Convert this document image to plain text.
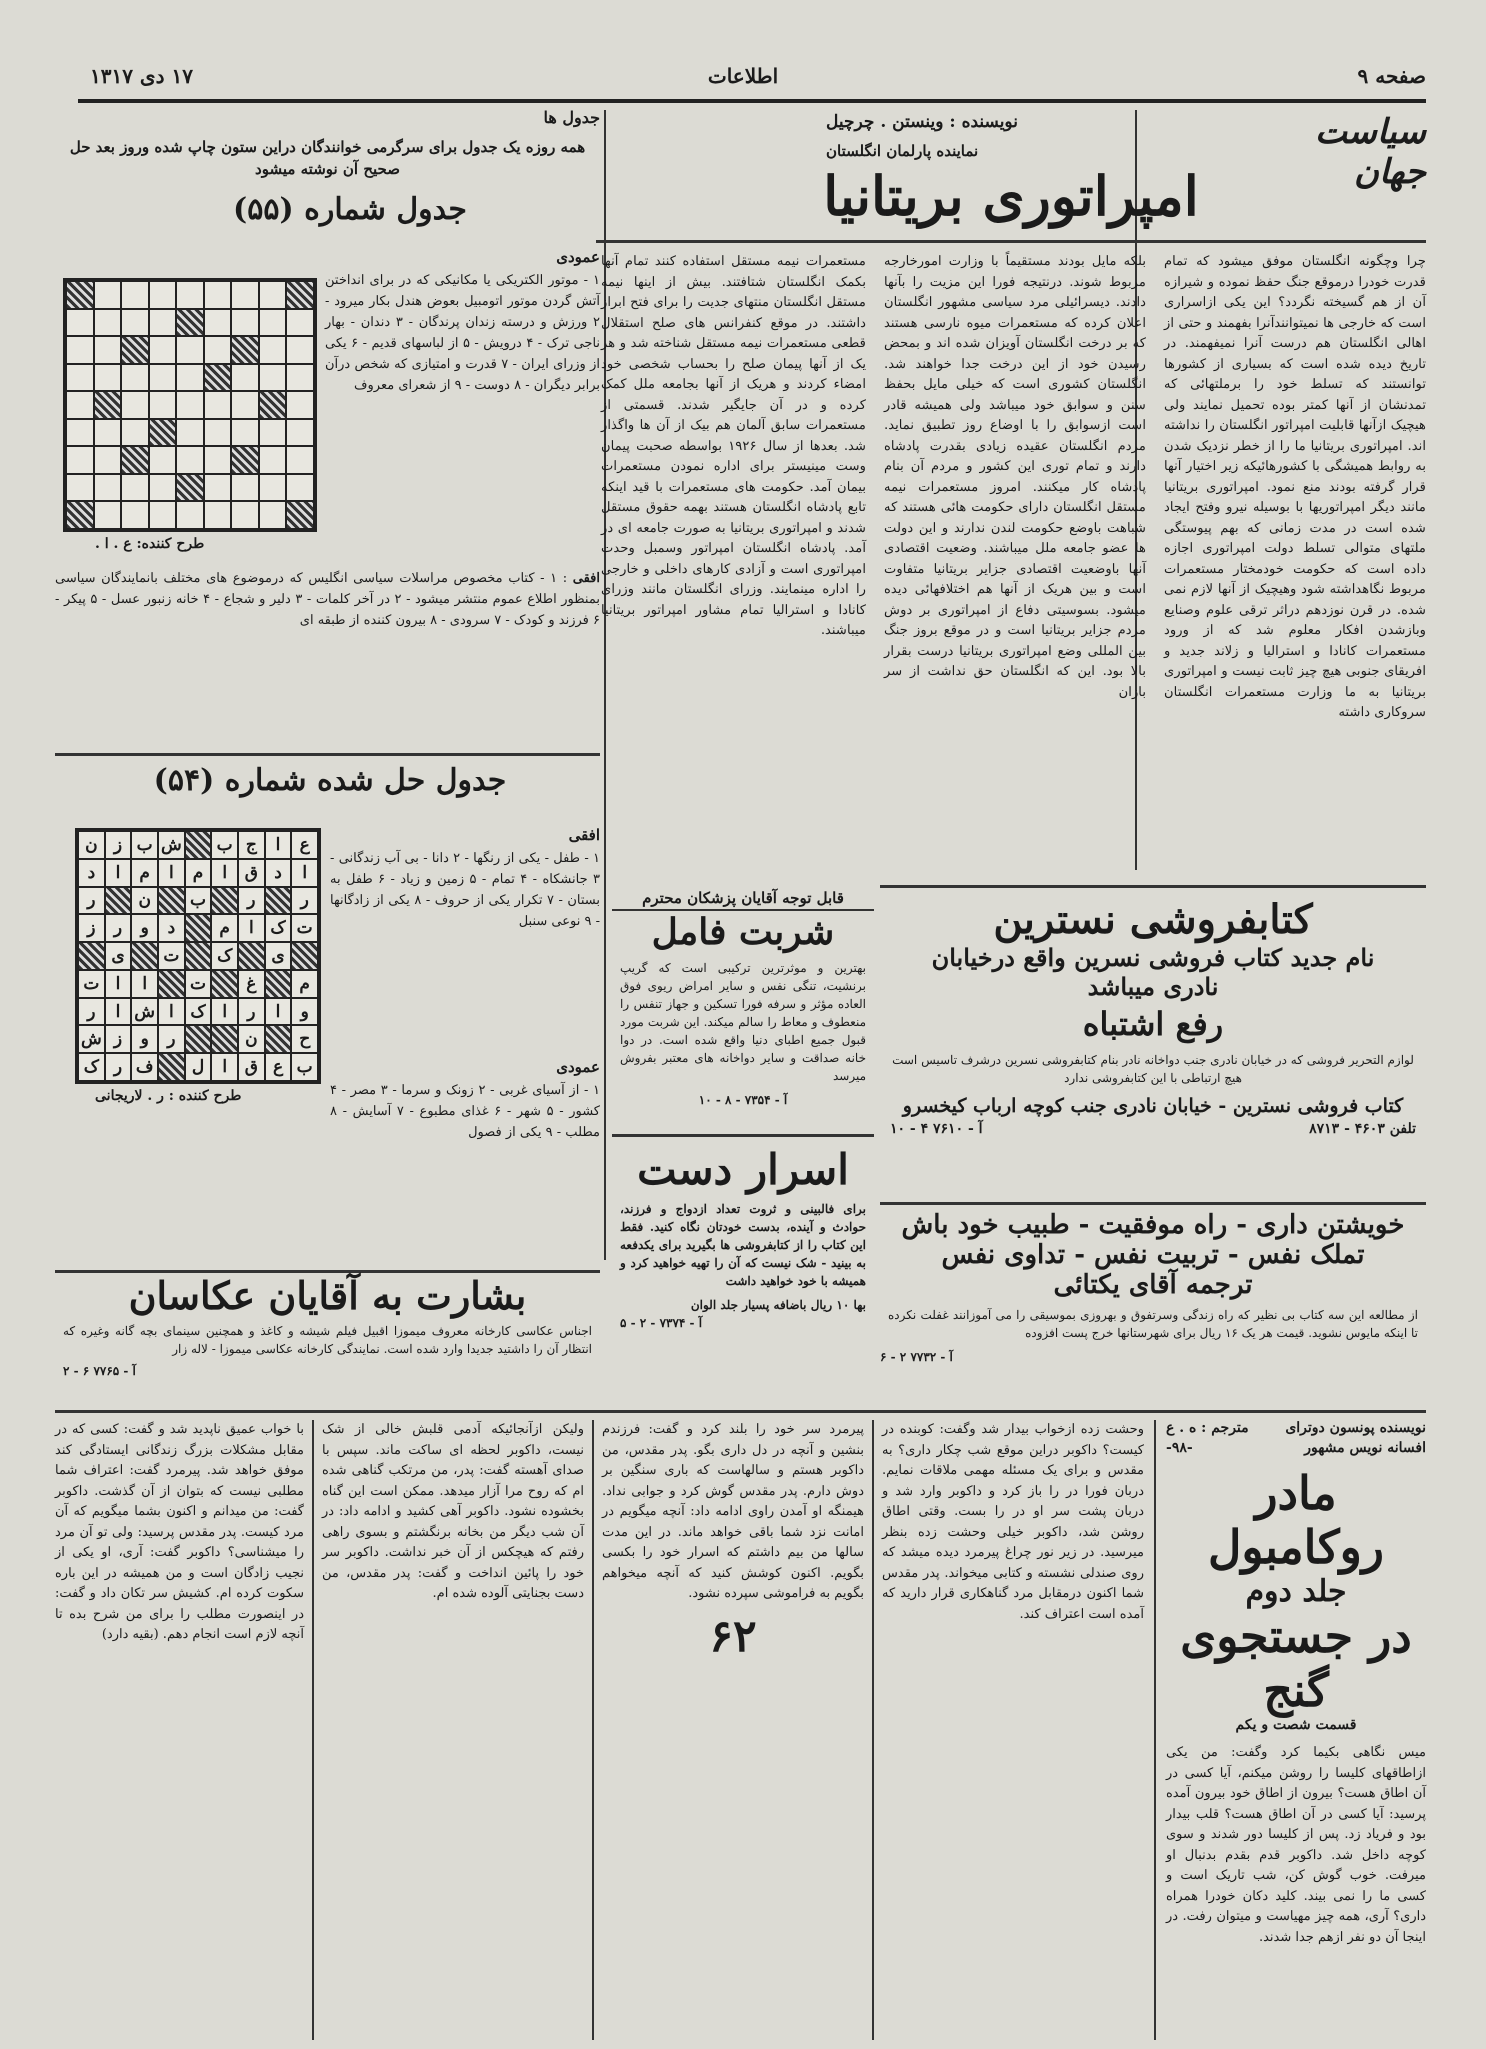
صفحه ۹
اطلاعات
۱۷ دی ۱۳۱۷
سیاست جهان
نویسنده : وینستن . چرچیل
نماینده پارلمان انگلستان
امپراتوری بریتانیا

چرا وچگونه انگلستان موفق میشود که تمام قدرت خودرا درموقع جنگ حفظ نموده و شیرازه آن از هم گسیخته نگردد؟ این یکی ازاسراری است که خارجی ها نمیتوانندآنرا بفهمند و حتی از اهالی انگلستان هم درست آنرا نمیفهمند. در تاریخ دیده شده است که بسیاری از کشورها توانستند که تسلط خود را برملتهائی که تمدنشان از آنها کمتر بوده تحمیل نمایند ولی هیچیک ازآنها قابلیت امپراتور انگلستان را نداشته اند. امپراتوری بریتانیا ما را از خطر نزدیک شدن به روابط همیشگی با کشورهائیکه زیر اختیار آنها قرار گرفته بودند منع نمود. امپراتوری بریتانیا مانند دیگر امپراتوریها با بوسیله نیرو وفتح ایجاد شده است در مدت زمانی که بهم پیوستگی ملتهای متوالی تسلط دولت امپراتوری اجازه داده است که حکومت خودمختار مستعمرات مربوط نگاهداشته شود وهیچیک از آنها لازم نمی شده. در قرن نوزدهم دراثر ترقی علوم وصنایع وبازشدن افکار معلوم شد که از ورود مستعمرات کانادا و استرالیا و زلاند جدید و افریقای جنوبی هیچ چیز ثابت نیست و امپراتوری بریتانیا به ما وزارت مستعمرات انگلستان سروکاری داشته

بلکه مایل بودند مستقیماً با وزارت امورخارجه مربوط شوند. درنتیجه فورا این مزیت را بآنها دادند. دیسرائیلی مرد سیاسی مشهور انگلستان اعلان کرده که مستعمرات میوه نارسی هستند که بر درخت انگلستان آویزان شده اند و بمحض رسیدن خود از این درخت جدا خواهند شد. انگلستان کشوری است که خیلی مایل بحفظ سنن و سوابق خود میباشد ولی همیشه قادر است ازسوابق را با اوضاع روز تطبیق نماید. مردم انگلستان عقیده زیادی بقدرت پادشاه دارند و تمام توری این کشور و مردم آن بنام پادشاه کار میکنند. امروز مستعمرات نیمه مستقل انگلستان دارای حکومت هائی هستند که شباهت باوضع حکومت لندن ندارند و این دولت ها عضو جامعه ملل میباشند. وضعیت اقتصادی آنها باوضعیت اقتصادی جزایر بریتانیا متفاوت است و بین هریک از آنها هم اختلافهائی دیده میشود. بسوسیتی دفاع از امپراتوری بر دوش مردم جزایر بریتانیا است و در موقع بروز جنگ بین المللی وضع امپراتوری بریتانیا درست بقرار بالا بود. این که انگلستان حق نداشت از سر بازان

مستعمرات نیمه مستقل استفاده کنند تمام آنها بکمک انگلستان شتافتند. بیش از اینها نیمه مستقل انگلستان منتهای جدیت را برای فتح ابراز داشتند. در موقع کنفرانس های صلح استقلال قطعی مستعمرات نیمه مستقل شناخته شد و هر یک از آنها پیمان صلح را بحساب شخصی خود امضاء کردند و هریک از آنها بجامعه ملل کمک کرده و در آن جایگیر شدند. قسمتی از مستعمرات سابق آلمان هم بیک از آن ها واگذار شد. بعدها از سال ۱۹۲۶ بواسطه صحبت پیمان وست مینیستر برای اداره نمودن مستعمرات بیمان آمد. حکومت های مستعمرات با قید اینکه تابع پادشاه انگلستان هستند بهمه حقوق مستقل شدند و امپراتوری بریتانیا به صورت جامعه ای در آمد. پادشاه انگلستان امپراتور وسمبل وحدت امپراتوری است و آزادی کارهای داخلی و خارجی را اداره مینمایند. وزرای انگلستان مانند وزرای کانادا و استرالیا تمام مشاور امپراتور بریتانیا میباشند.

کتابفروشی نسترین
نام جدید کتاب فروشی نسرین واقع درخیابان
نادری میباشد
رفع اشتباه

لوازم التحریر فروشی که در خیابان نادری جنب دواخانه نادر بنام کتابفروشی نسرین درشرف تاسیس است هیچ ارتباطی با این کتابفروشی ندارد

کتاب فروشی نسترین - خیابان نادری جنب کوچه ارباب کیخسرو
تلفن ۴۶۰۳ - ۸۷۱۳
آ - ۷۶۱۰ ۴ - ۱۰
قابل توجه آقایان پزشکان محترم
شربت فامل

بهترین و موثرترین ترکیبی است که گریپ برنشیت، تنگی نفس و سایر امراض ریوی فوق العاده مؤثر و سرفه فورا تسکین و جهاز تنفس را منعطوف و معاط را سالم میکند. این شربت مورد قبول جمیع اطبای دنیا واقع شده است. در دوا خانه صداقت و سایر دواخانه های معتبر بفروش میرسد

آ - ۷۳۵۴ - ۸ - ۱۰
اسرار دست

برای فالبینی و ثروت تعداد ازدواج و فرزند، حوادث و آینده، بدست خودتان نگاه کنید. فقط این کتاب را از کتابفروشی ها بگیرید برای یکدفعه به بینید - شک نیست که آن را تهیه خواهید کرد و همیشه با خود خواهید داشت

بها ۱۰ ریال باضافه پسیار جلد الوان
آ - ۷۳۷۴ - ۲ - ۵
خویشتن داری - راه موفقیت - طبیب خود باش
تملک نفس - تربیت نفس - تداوی نفس
ترجمه آقای یکتائی

از مطالعه این سه کتاب بی نظیر که راه زندگی وسرتفوق و بهروزی بموسیقی را می آموزانند غفلت نکرده تا اینکه مایوس نشوید. قیمت هر یک ۱۶ ریال برای شهرستانها خرج پست افزوده

آ - ۷۷۳۲ ۲ - ۶
بشارت به آقایان عکاسان

اجناس عکاسی کارخانه معروف میموزا اقبیل فیلم شیشه و کاغذ و همچنین سینمای بچه گانه وغیره که انتظار آن را داشتید جدیدا وارد شده است. نمایندگی کارخانه عکاسی میموزا - لاله زار

آ - ۷۷۶۵ ۶ - ۲
جدول ها
همه روزه یک جدول برای سرگرمی خوانندگان دراین ستون چاپ شده وروز بعد حل صحیح آن نوشته میشود
جدول شماره (۵۵)
طرح کننده: ع . ا .
عمودی

۱ - موتور الکتریکی یا مکانیکی که در برای انداختن آتش گردن موتور اتومبیل بعوض هندل بکار میرود - ۲ ورزش و درسته زندان پرندگان - ۳ دندان - بهار ناجی ترک - ۴ درویش - ۵ از لباسهای قدیم - ۶ یکی از وزرای ایران - ۷ قدرت و امتیازی که شخص درآن برابر دیگران - ۸ دوست - ۹ از شعرای معروف

افقی : ۱ - کتاب مخصوص مراسلات سیاسی انگلیس که درموضوع های مختلف بانمایندگان سیاسی بمنظور اطلاع عموم منتشر میشود - ۲ در آخر کلمات - ۳ دلیر و شجاع - ۴ خانه زنبور عسل - ۵ پیکر - ۶ فرزند و کودک - ۷ سرودی - ۸ بیرون کننده از طبقه ای
جدول حل شده شماره (۵۴)
ع
ا
ج
ب
ش
ب
ز
ن
ا
د
ق
ا
م
ا
م
ا
د
ر
ر
ب
ن
ر
ت
ک
ا
م
د
و
ر
ز
ی
ک
ت
ی
م
غ
ت
ا
ا
ت
و
ا
ر
ا
ک
ا
ش
ا
ر
ح
ن
ر
و
ز
ش
ب
ع
ق
ا
ل
ف
ر
ک
طرح کننده : ر . لاریجانی
افقی

۱ - طفل - یکی از رنگها - ۲ دانا - بی آب زندگانی - ۳ جانشکاه - ۴ تمام - ۵ زمین و زیاد - ۶ طفل به بستان - ۷ تکرار یکی از حروف - ۸ یکی از زادگانها - ۹ نوعی سنبل

عمودی

۱ - از آسیای غربی - ۲ زونک و سرما - ۳ مصر - ۴ کشور - ۵ شهر - ۶ غذای مطبوع - ۷ آسایش - ۸ مطلب - ۹ یکی از فصول

نویسنده پونسون دوترای
مترجم : ه . ع
افسانه نویس مشهور
-۹۸-
مادر روکامبول
جلد دوم
در جستجوی گنج
قسمت شصت و یکم

میس نگاهی بکیما کرد وگفت: من یکی ازاطاقهای کلیسا را روشن میکنم، آیا کسی در آن اطاق هست؟ بیرون از اطاق خود بیرون آمده پرسید: آیا کسی در آن اطاق هست؟ قلب بیدار بود و فریاد زد. پس از کلیسا دور شدند و سوی کوچه داخل شد. داکوبر قدم بقدم بدنبال او میرفت. خوب گوش کن، شب تاریک است و کسی ما را نمی بیند. کلید دکان خودرا همراه داری؟ آری، همه چیز مهیاست و میتوان رفت. در اینجا آن دو نفر ازهم جدا شدند.

وحشت زده ازخواب بیدار شد وگفت: کوبنده در کیست؟ داکوبر دراین موقع شب چکار داری؟ به مقدس و برای یک مسئله مهمی ملاقات نمایم. دربان فورا در را باز کرد و داکوبر وارد شد و دربان پشت سر او در را بست. وقتی اطاق روشن شد، داکوبر خیلی وحشت زده بنظر میرسید. در زیر نور چراغ پیرمرد دیده میشد که روی صندلی نشسته و کتابی میخواند. پدر مقدس شما اکنون درمقابل مرد گناهکاری قرار دارید که آمده است اعتراف کند.

پیرمرد سر خود را بلند کرد و گفت: فرزندم بنشین و آنچه در دل داری بگو. پدر مقدس، من داکوبر هستم و سالهاست که باری سنگین بر دوش دارم. پدر مقدس گوش کرد و جوابی نداد. هیمنگه او آمدن راوی ادامه داد: آنچه میگویم در امانت نزد شما باقی خواهد ماند. در این مدت سالها من بیم داشتم که اسرار خود را بکسی بگویم. اکنون کوشش کنید که آنچه میخواهم بگویم به فراموشی سپرده نشود.

۶۲

ولیکن ازآنجائیکه آدمی قلبش خالی از شک نیست، داکوبر لحظه ای ساکت ماند. سپس با صدای آهسته گفت: پدر، من مرتکب گناهی شده ام که روح مرا آزار میدهد. ممکن است این گناه بخشوده نشود. داکوبر آهی کشید و ادامه داد: در آن شب دیگر من بخانه برنگشتم و بسوی راهی رفتم که هیچکس از آن خبر نداشت. داکوبر سر خود را پائین انداخت و گفت: پدر مقدس، من دست بجنایتی آلوده شده ام.

با خواب عمیق ناپدید شد و گفت: کسی که در مقابل مشکلات بزرگ زندگانی ایستادگی کند موفق خواهد شد. پیرمرد گفت: اعتراف شما مطلبی نیست که بتوان از آن گذشت. داکوبر گفت: من میدانم و اکنون بشما میگویم که آن مرد کیست. پدر مقدس پرسید: ولی تو آن مرد را میشناسی؟ داکوبر گفت: آری، او یکی از نجیب زادگان است و من همیشه در این باره سکوت کرده ام. کشیش سر تکان داد و گفت: در اینصورت مطلب را برای من شرح بده تا آنچه لازم است انجام دهم. (بقیه دارد)
